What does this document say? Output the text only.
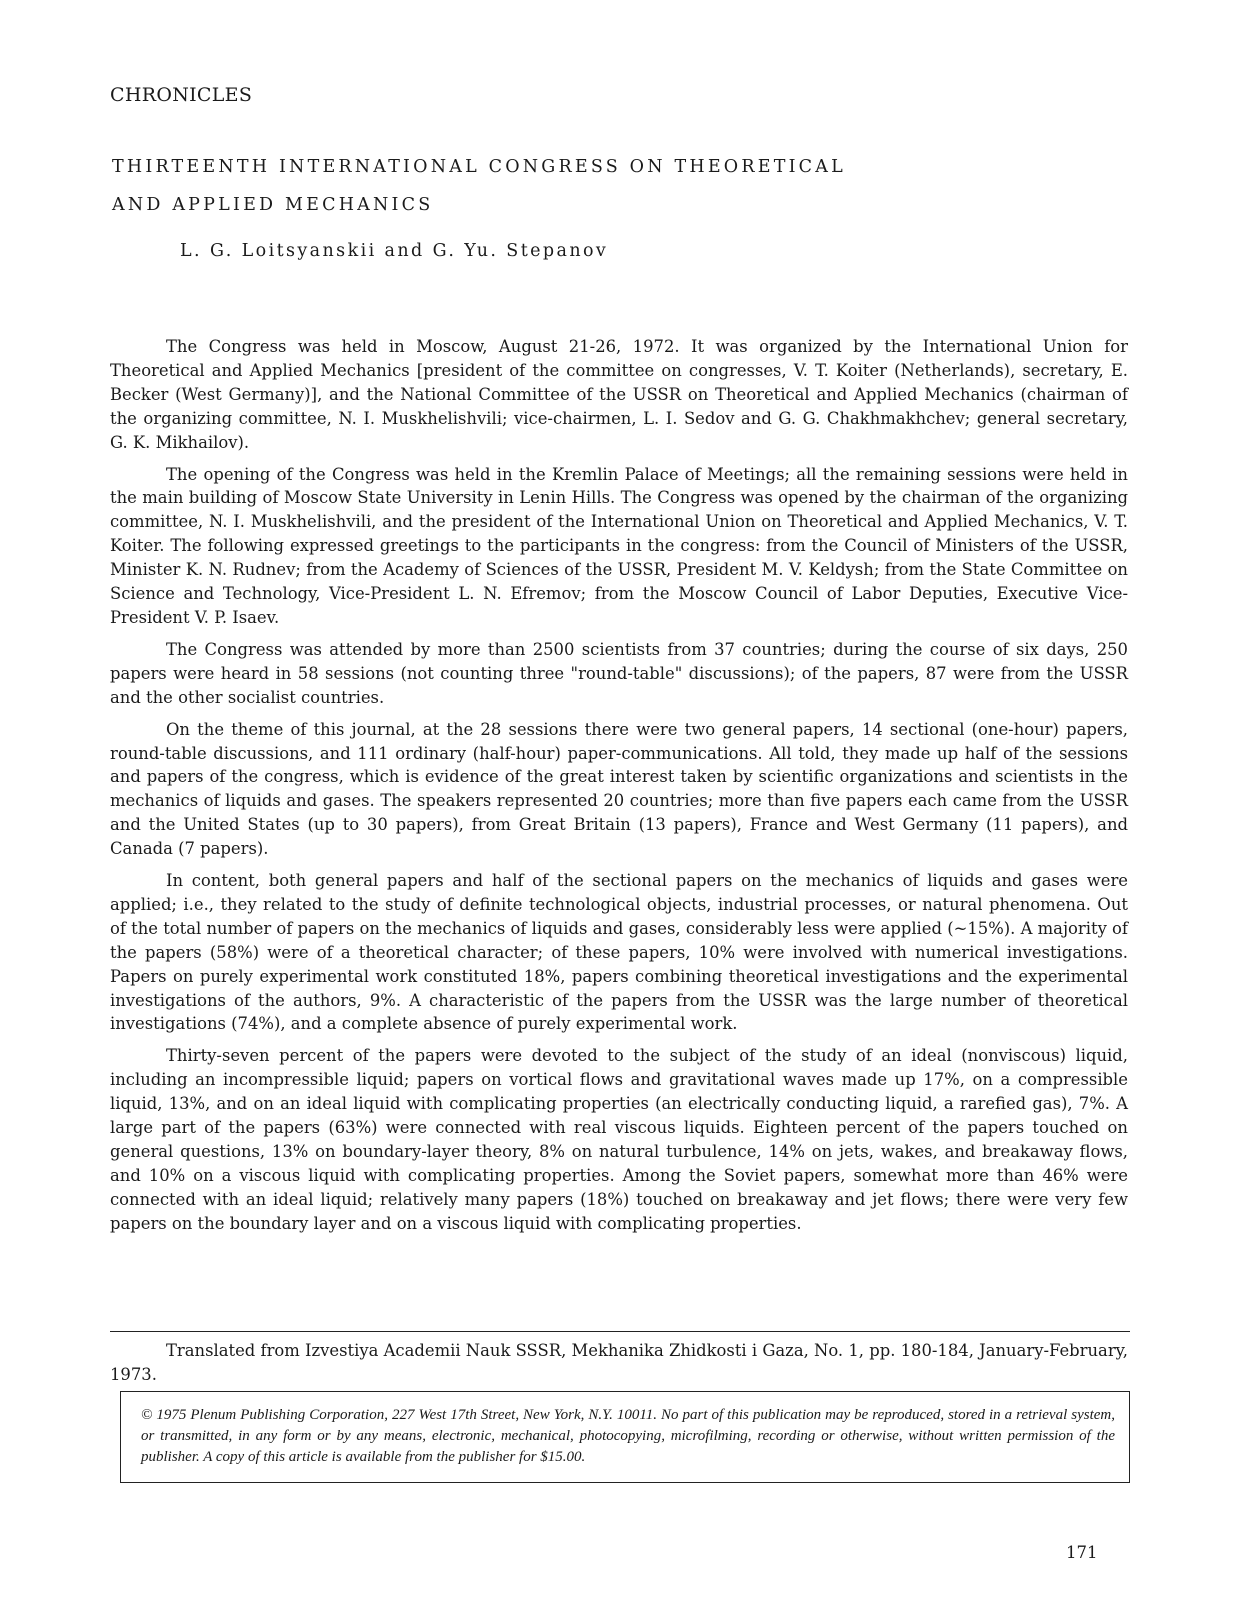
CHRONICLES
THIRTEENTH INTERNATIONAL CONGRESS ON THEORETICAL
AND APPLIED MECHANICS
L. G. Loitsyanskii and G. Yu. Stepanov

The Congress was held in Moscow, August 21-26, 1972. It was organized by the International Union for Theoretical and Applied Mechanics [president of the committee on congresses, V. T. Koiter (Netherlands), secretary, E. Becker (West Germany)], and the National Committee of the USSR on Theoretical and Applied Mechanics (chairman of the organizing committee, N. I. Muskhelishvili; vice-chairmen, L. I. Sedov and G. G. Chakhmakhchev; general secretary, G. K. Mikhailov).

The opening of the Congress was held in the Kremlin Palace of Meetings; all the remaining sessions were held in the main building of Moscow State University in Lenin Hills. The Congress was opened by the chairman of the organizing committee, N. I. Muskhelishvili, and the president of the International Union on Theoretical and Applied Mechanics, V. T. Koiter. The following expressed greetings to the participants in the congress: from the Council of Ministers of the USSR, Minister K. N. Rudnev; from the Academy of Sciences of the USSR, President M. V. Keldysh; from the State Committee on Science and Technology, Vice-President L. N. Efremov; from the Moscow Council of Labor Deputies, Executive Vice-President V. P. Isaev.

The Congress was attended by more than 2500 scientists from 37 countries; during the course of six days, 250 papers were heard in 58 sessions (not counting three "round-table" discussions); of the papers, 87 were from the USSR and the other socialist countries.

On the theme of this journal, at the 28 sessions there were two general papers, 14 sectional (one-hour) papers, round-table discussions, and 111 ordinary (half-hour) paper-communications. All told, they made up half of the sessions and papers of the congress, which is evidence of the great interest taken by scientific organizations and scientists in the mechanics of liquids and gases. The speakers represented 20 countries; more than five papers each came from the USSR and the United States (up to 30 papers), from Great Britain (13 papers), France and West Germany (11 papers), and Canada (7 papers).

In content, both general papers and half of the sectional papers on the mechanics of liquids and gases were applied; i.e., they related to the study of definite technological objects, industrial processes, or natural phenomena. Out of the total number of papers on the mechanics of liquids and gases, considerably less were applied (~15%). A majority of the papers (58%) were of a theoretical character; of these papers, 10% were involved with numerical investigations. Papers on purely experimental work constituted 18%, papers combining theoretical investigations and the experimental investigations of the authors, 9%. A characteristic of the papers from the USSR was the large number of theoretical investigations (74%), and a complete absence of purely experimental work.

Thirty-seven percent of the papers were devoted to the subject of the study of an ideal (nonviscous) liquid, including an incompressible liquid; papers on vortical flows and gravitational waves made up 17%, on a compressible liquid, 13%, and on an ideal liquid with complicating properties (an electrically conducting liquid, a rarefied gas), 7%. A large part of the papers (63%) were connected with real viscous liquids. Eighteen percent of the papers touched on general questions, 13% on boundary-layer theory, 8% on natural turbulence, 14% on jets, wakes, and breakaway flows, and 10% on a viscous liquid with complicating properties. Among the Soviet papers, somewhat more than 46% were connected with an ideal liquid; relatively many papers (18%) touched on breakaway and jet flows; there were very few papers on the boundary layer and on a viscous liquid with complicating properties.

Translated from Izvestiya Academii Nauk SSSR, Mekhanika Zhidkosti i Gaza, No. 1, pp. 180-184, January-February, 1973.
© 1975 Plenum Publishing Corporation, 227 West 17th Street, New York, N.Y. 10011. No part of this publication may be reproduced, stored in a retrieval system, or transmitted, in any form or by any means, electronic, mechanical, photocopying, microfilming, recording or otherwise, without written permission of the publisher. A copy of this article is available from the publisher for $15.00.
171
